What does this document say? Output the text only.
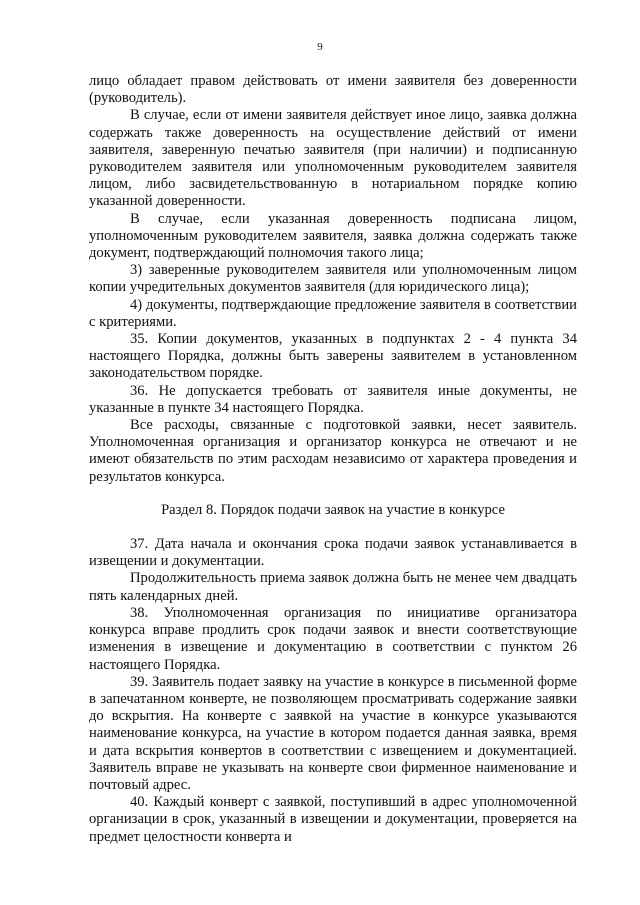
9

лицо обладает правом действовать от имени заявителя без доверенности (руководитель).

В случае, если от имени заявителя действует иное лицо, заявка должна содержать также доверенность на осуществление действий от имени заявителя, заверенную печатью заявителя (при наличии) и подписанную руководителем заявителя или уполномоченным руководителем заявителя лицом, либо засвидетельствованную в нотариальном порядке копию указанной доверенности.

В случае, если указанная доверенность подписана лицом, уполномоченным руководителем заявителя, заявка должна содержать также документ, подтверждающий полномочия такого лица;

3) заверенные руководителем заявителя или уполномоченным лицом копии учредительных документов заявителя (для юридического лица);

4) документы, подтверждающие предложение заявителя в соответствии с критериями.

35. Копии документов, указанных в подпунктах 2 - 4 пункта 34 настоящего Порядка, должны быть заверены заявителем в установленном законодательством порядке.

36. Не допускается требовать от заявителя иные документы, не указанные в пункте 34 настоящего Порядка.

Все расходы, связанные с подготовкой заявки, несет заявитель. Уполномоченная организация и организатор конкурса не отвечают и не имеют обязательств по этим расходам независимо от характера проведения и результатов конкурса.

Раздел 8. Порядок подачи заявок на участие в конкурсе

37. Дата начала и окончания срока подачи заявок устанавливается в извещении и документации.

Продолжительность приема заявок должна быть не менее чем двадцать пять календарных дней.

38. Уполномоченная организация по инициативе организатора конкурса вправе продлить срок подачи заявок и внести соответствующие изменения в извещение и документацию в соответствии с пунктом 26 настоящего Порядка.

39. Заявитель подает заявку на участие в конкурсе в письменной форме в запечатанном конверте, не позволяющем просматривать содержание заявки до вскрытия. На конверте с заявкой на участие в конкурсе указываются наименование конкурса, на участие в котором подается данная заявка, время и дата вскрытия конвертов в соответствии с извещением и документацией. Заявитель вправе не указывать на конверте свои фирменное наименование и почтовый адрес.

40. Каждый конверт с заявкой, поступивший в адрес уполномоченной организации в срок, указанный в извещении и документации, проверяется на предмет целостности конверта и
